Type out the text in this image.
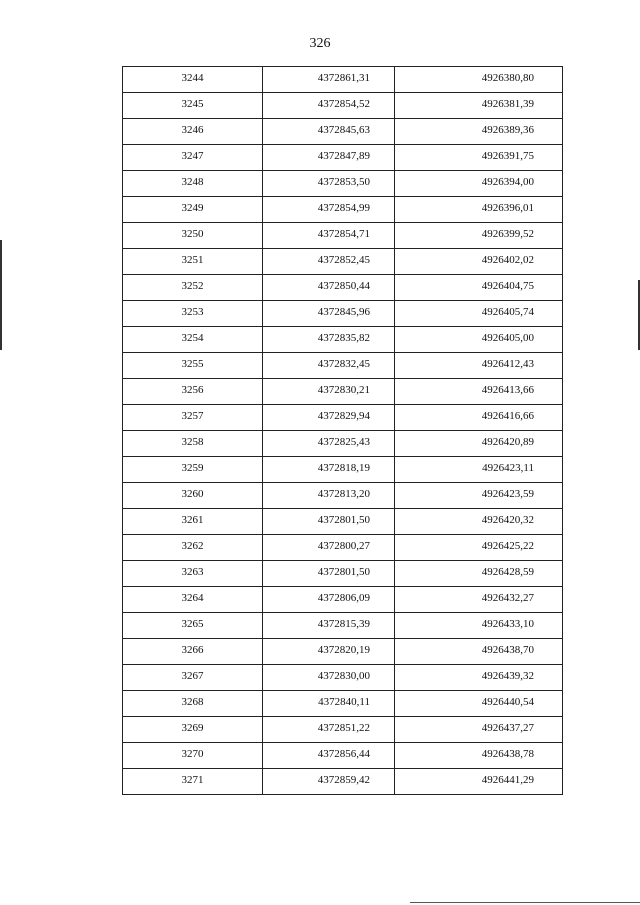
326
3244	4372861,31	4926380,80
3245	4372854,52	4926381,39
3246	4372845,63	4926389,36
3247	4372847,89	4926391,75
3248	4372853,50	4926394,00
3249	4372854,99	4926396,01
3250	4372854,71	4926399,52
3251	4372852,45	4926402,02
3252	4372850,44	4926404,75
3253	4372845,96	4926405,74
3254	4372835,82	4926405,00
3255	4372832,45	4926412,43
3256	4372830,21	4926413,66
3257	4372829,94	4926416,66
3258	4372825,43	4926420,89
3259	4372818,19	4926423,11
3260	4372813,20	4926423,59
3261	4372801,50	4926420,32
3262	4372800,27	4926425,22
3263	4372801,50	4926428,59
3264	4372806,09	4926432,27
3265	4372815,39	4926433,10
3266	4372820,19	4926438,70
3267	4372830,00	4926439,32
3268	4372840,11	4926440,54
3269	4372851,22	4926437,27
3270	4372856,44	4926438,78
3271	4372859,42	4926441,29
